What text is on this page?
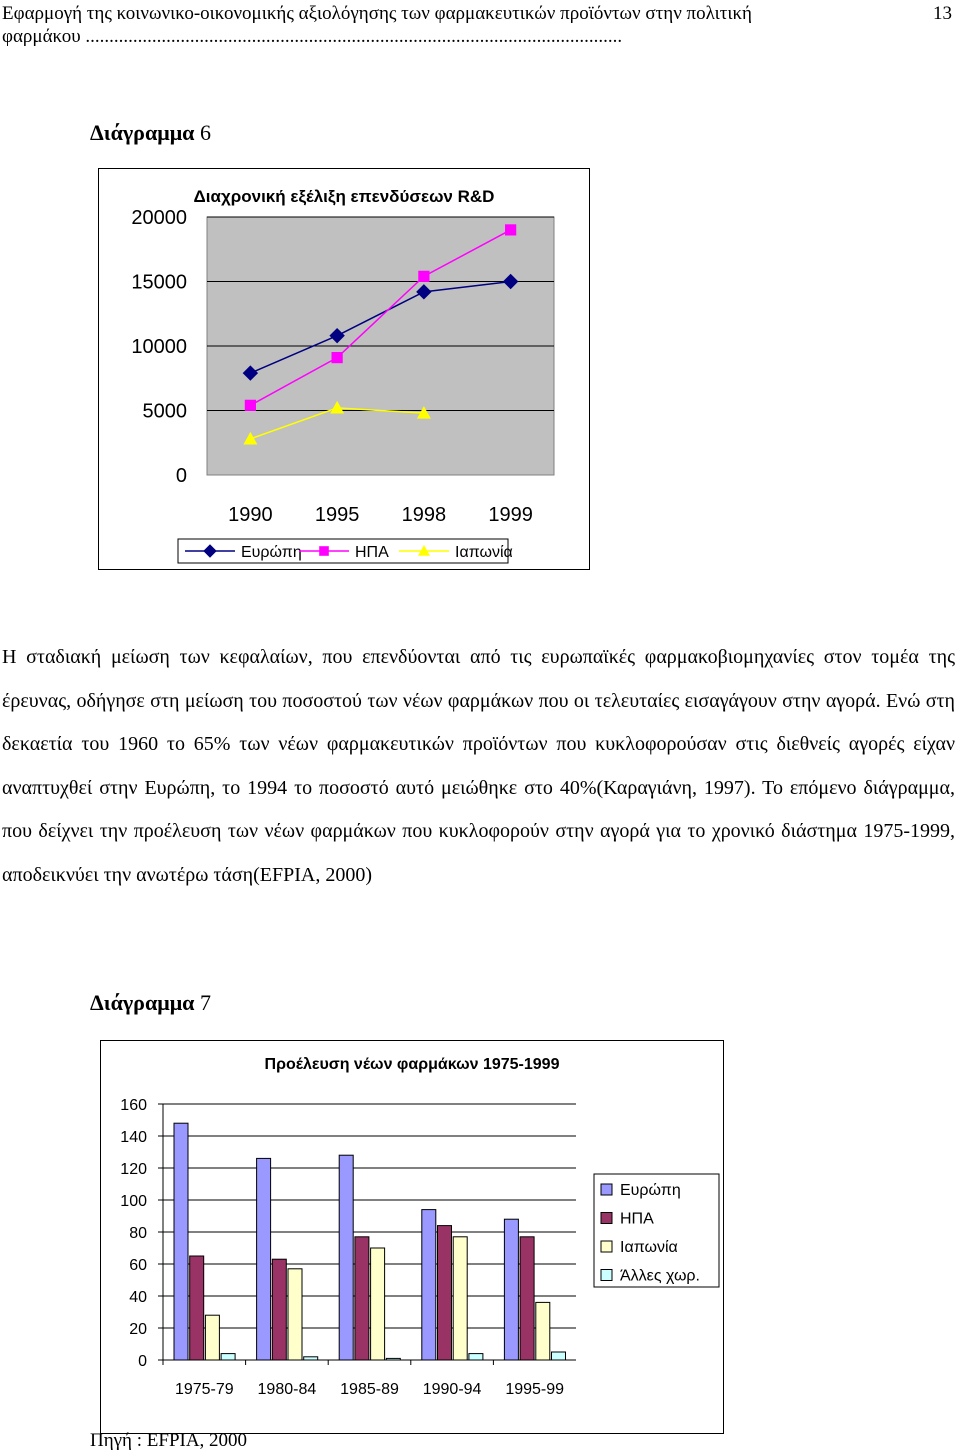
Εφαρμογή της κοινωνικο-οικονομικής αξιολόγησης των φαρμακευτικών προϊόντων στην πολιτική
φαρμάκου .................................................................................................................
13
Διάγραμμα 6
Διαχρονική εξέλιξη επενδύσεων R&D
0
5000
10000
15000
20000
1990 1995 1998 1999
Ευρώπη	ΗΠΑ	Ιαπωνία
Η σταδιακή μείωση των κεφαλαίων, που επενδύονται από τις ευρωπαϊκές φαρμακοβιομηχανίες στον τομέα της έρευνας, οδήγησε στη μείωση του ποσοστού των νέων φαρμάκων που οι τελευταίες εισαγάγουν στην αγορά. Ενώ στη δεκαετία του 1960 το 65% των νέων φαρμακευτικών προϊόντων που κυκλοφορούσαν στις διεθνείς αγορές είχαν αναπτυχθεί στην Ευρώπη, το 1994 το ποσοστό αυτό μειώθηκε στο 40%(Καραγιάνη, 1997). Το επόμενο διάγραμμα, που δείχνει την προέλευση των νέων φαρμάκων που κυκλοφορούν στην αγορά για το χρονικό διάστημα 1975-1999, αποδεικνύει την ανωτέρω τάση(EFPIA, 2000)
Διάγραμμα 7
Προέλευση νέων φαρμάκων 1975-1999
0
20
40
60
80
100
120
140
160
1975-79 1980-84 1985-89 1990-94 1995-99
Ευρώπη
ΗΠΑ
Ιαπωνία
Άλλες χωρ.
Πηγή : EFPIA, 2000
